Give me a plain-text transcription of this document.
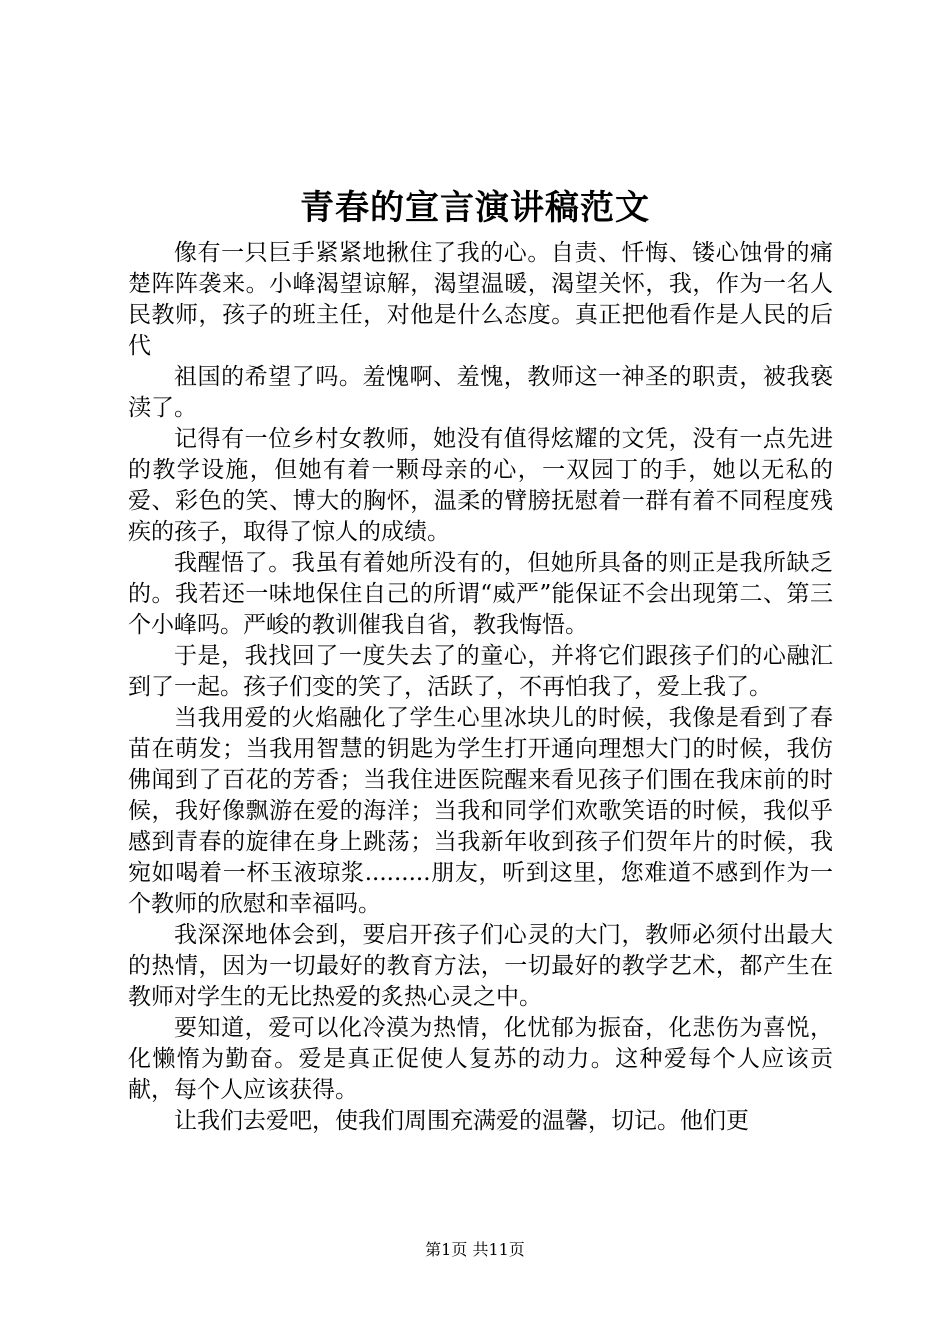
青春的宣言演讲稿范文

像有一只巨手紧紧地揪住了我的心。自责、忏悔、镂心蚀骨的痛楚阵阵袭来。小峰渴望谅解，渴望温暖，渴望关怀，我，作为一名人民教师，孩子的班主任，对他是什么态度。真正把他看作是人民的后代

祖国的希望了吗。羞愧啊、羞愧，教师这一神圣的职责，被我亵渎了。

记得有一位乡村女教师，她没有值得炫耀的文凭，没有一点先进的教学设施，但她有着一颗母亲的心，一双园丁的手，她以无私的爱、彩色的笑、博大的胸怀，温柔的臂膀抚慰着一群有着不同程度残疾的孩子，取得了惊人的成绩。

我醒悟了。我虽有着她所没有的，但她所具备的则正是我所缺乏的。我若还一味地保住自己的所谓“威严”能保证不会出现第二、第三个小峰吗。严峻的教训催我自省，教我悔悟。

于是，我找回了一度失去了的童心，并将它们跟孩子们的心融汇到了一起。孩子们变的笑了，活跃了，不再怕我了，爱上我了。

当我用爱的火焰融化了学生心里冰块儿的时候，我像是看到了春苗在萌发；当我用智慧的钥匙为学生打开通向理想大门的时候，我仿佛闻到了百花的芳香；当我住进医院醒来看见孩子们围在我床前的时候，我好像飘游在爱的海洋；当我和同学们欢歌笑语的时候，我似乎感到青春的旋律在身上跳荡；当我新年收到孩子们贺年片的时候，我宛如喝着一杯玉液琼浆.........朋友，听到这里，您难道不感到作为一个教师的欣慰和幸福吗。

我深深地体会到，要启开孩子们心灵的大门，教师必须付出最大的热情，因为一切最好的教育方法，一切最好的教学艺术，都产生在教师对学生的无比热爱的炙热心灵之中。

要知道，爱可以化冷漠为热情，化忧郁为振奋，化悲伤为喜悦，化懒惰为勤奋。爱是真正促使人复苏的动力。这种爱每个人应该贡献，每个人应该获得。

让我们去爱吧，使我们周围充满爱的温馨，切记。他们更

第1页 共11页
